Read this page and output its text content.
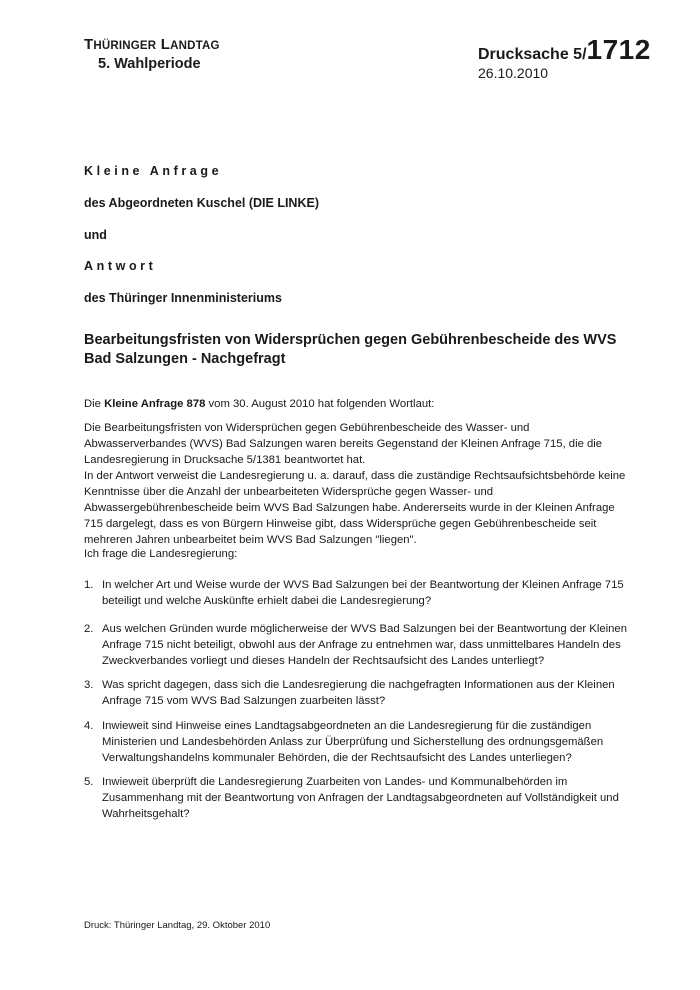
THÜRINGER LANDTAG
5. Wahlperiode
Drucksache 5/1712
26.10.2010
Kleine Anfrage
des Abgeordneten Kuschel (DIE LINKE)
und
Antwort
des Thüringer Innenministeriums
Bearbeitungsfristen von Widersprüchen gegen Gebührenbescheide des WVS Bad Salzungen - Nachgefragt
Die Kleine Anfrage 878 vom 30. August 2010 hat folgenden Wortlaut:

Die Bearbeitungsfristen von Widersprüchen gegen Gebührenbescheide des Wasser- und Abwasserverbandes (WVS) Bad Salzungen waren bereits Gegenstand der Kleinen Anfrage 715, die die Landesregierung in Drucksache 5/1381 beantwortet hat.

In der Antwort verweist die Landesregierung u. a. darauf, dass die zuständige Rechtsaufsichtsbehörde keine Kenntnisse über die Anzahl der unbearbeiteten Widersprüche gegen Wasser- und Abwassergebührenbescheide beim WVS Bad Salzungen habe. Andererseits wurde in der Kleinen Anfrage 715 dargelegt, dass es von Bürgern Hinweise gibt, dass Widersprüche gegen Gebührenbescheide seit mehreren Jahren unbearbeitet beim WVS Bad Salzungen "liegen".

Ich frage die Landesregierung:
1. In welcher Art und Weise wurde der WVS Bad Salzungen bei der Beantwortung der Kleinen Anfrage 715 beteiligt und welche Auskünfte erhielt dabei die Landesregierung?
2. Aus welchen Gründen wurde möglicherweise der WVS Bad Salzungen bei der Beantwortung der Kleinen Anfrage 715 nicht beteiligt, obwohl aus der Anfrage zu entnehmen war, dass unmittelbares Handeln des Zweckverbandes vorliegt und dieses Handeln der Rechtsaufsicht des Landes unterliegt?
3. Was spricht dagegen, dass sich die Landesregierung die nachgefragten Informationen aus der Kleinen Anfrage 715 vom WVS Bad Salzungen zuarbeiten lässt?
4. Inwieweit sind Hinweise eines Landtagsabgeordneten an die Landesregierung für die zuständigen Ministerien und Landesbehörden Anlass zur Überprüfung und Sicherstellung des ordnungsgemäßen Verwaltungshandelns kommunaler Behörden, die der Rechtsaufsicht des Landes unterliegen?
5. Inwieweit überprüft die Landesregierung Zuarbeiten von Landes- und Kommunalbehörden im Zusammenhang mit der Beantwortung von Anfragen der Landtagsabgeordneten auf Vollständigkeit und Wahrheitsgehalt?
Druck: Thüringer Landtag, 29. Oktober 2010
